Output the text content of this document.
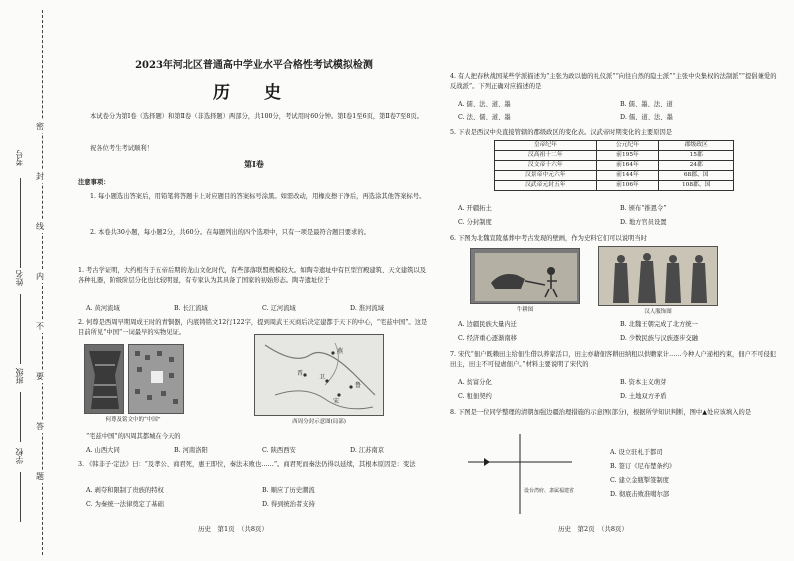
考号
姓名
班级
学校
密
封
线
内
不
要
答
题
2023年河北区普通高中学业水平合格性考试模拟检测
历 史
本试卷分为第Ⅰ卷（选择题）和第Ⅱ卷（非选择题）两部分，共100分，考试用时60分钟。第Ⅰ卷1至6页，第Ⅱ卷7至8页。
祝各位考生考试顺利！
第Ⅰ卷
注意事项：
1. 每小题选出答案后，用铅笔将答题卡上对应题目的答案标号涂黑。如需改动，用橡皮擦干净后，再选涂其他答案标号。
2. 本卷共30小题，每小题2分，共60分。在每题列出的四个选项中，只有一项是最符合题目要求的。
1. 考古学证明，大约相当于五帝后期的龙山文化时代，有些部落联盟规模较大。如陶寺遗址中有巨型宫殿建筑、天文建筑以及各种礼器，阶级阶层分化也比较明显，有专家认为其具备了国家的初始形态。陶寺遗址位于
A. 黄河流域	B. 长江流域	C. 辽河流域	D. 淮河流域
2. 何尊是西周早期周成王时的青铜器，内底铸铭文12行122字，提到周武王灭商后决定建都于天下的中心，“宅兹中国”。这是目前所见“中国”一词最早的实物见证。
何尊及铭文中的“中国”
燕
晋
卫
鲁
宋
西周分封示意图(局部)
“宅兹中国”的四周其都城在今天的
A. 山西大同	B. 河南洛阳	C. 陕西西安	D. 江苏南京
3. 《韩非子·定法》曰：“及孝公、商君死，惠王即位，秦法未败也……”。商君死而秦法仍得以延续，其根本原因是：变法
A. 剥夺和限制了贵族的特权	B. 顺应了历史潮流
C. 为秦统一法律奠定了基础	D. 得到统治者支持
历史　第1页　（共8页）
4. 有人把春秋战国某些学派描述为“主张为政以德的礼仪派”“向往自然的隐士派”“主张中央集权的法制派”“提倡兼爱的反战派”。下列正确对应描述的是
A. 儒、法、道、墨	B. 儒、墨、法、道
C. 法、儒、道、墨	D. 儒、道、法、墨
5. 下表是西汉中央直接管辖的郡级政区的变化表。汉武帝时期变化的主要原因是
皇帝纪年	公元纪年	郡级政区
汉高祖十二年	前195年	15郡
汉文帝十六年	前164年	24郡
汉景帝中元六年	前144年	68郡、国
汉武帝元封五年	前106年	108郡、国
A. 开疆拓土	B. 颁布“推恩令”
C. 分封制度	D. 地方官员设置
6. 下图为北魏宣陵墓葬中考古发现的壁画，作为史料它们可以说明当时
牛耕图	汉人服饰图
A. 边疆民族大量内迁	B. 北魏王朝完成了北方统一
C. 经济重心逐渐南移	D. 少数民族与汉族逐步交融
7. 宋代“佃户既赖田主给佃生借以养家活口，田主亦藉佃客耕田纳租以供赡家计……今种人户递相约束，佃户不可侵犯田主，田主不可侵虐佃户。”材料主要说明了宋代的
A. 贫富分化	B. 资本主义萌芽
C. 租佃契约	D. 土地双方矛盾
8. 下图是一位同学整理的清朝加强边疆治理措施的示意图(部分)，根据所学知识判断，图中▲处应该填入的是
设台湾府、隶属福建省
A. 设立驻札于都司
B. 签订《尼布楚条约》
C. 建立金瓶掣签制度
D. 彻底击败准噶尔部
历史　第2页　（共8页）
